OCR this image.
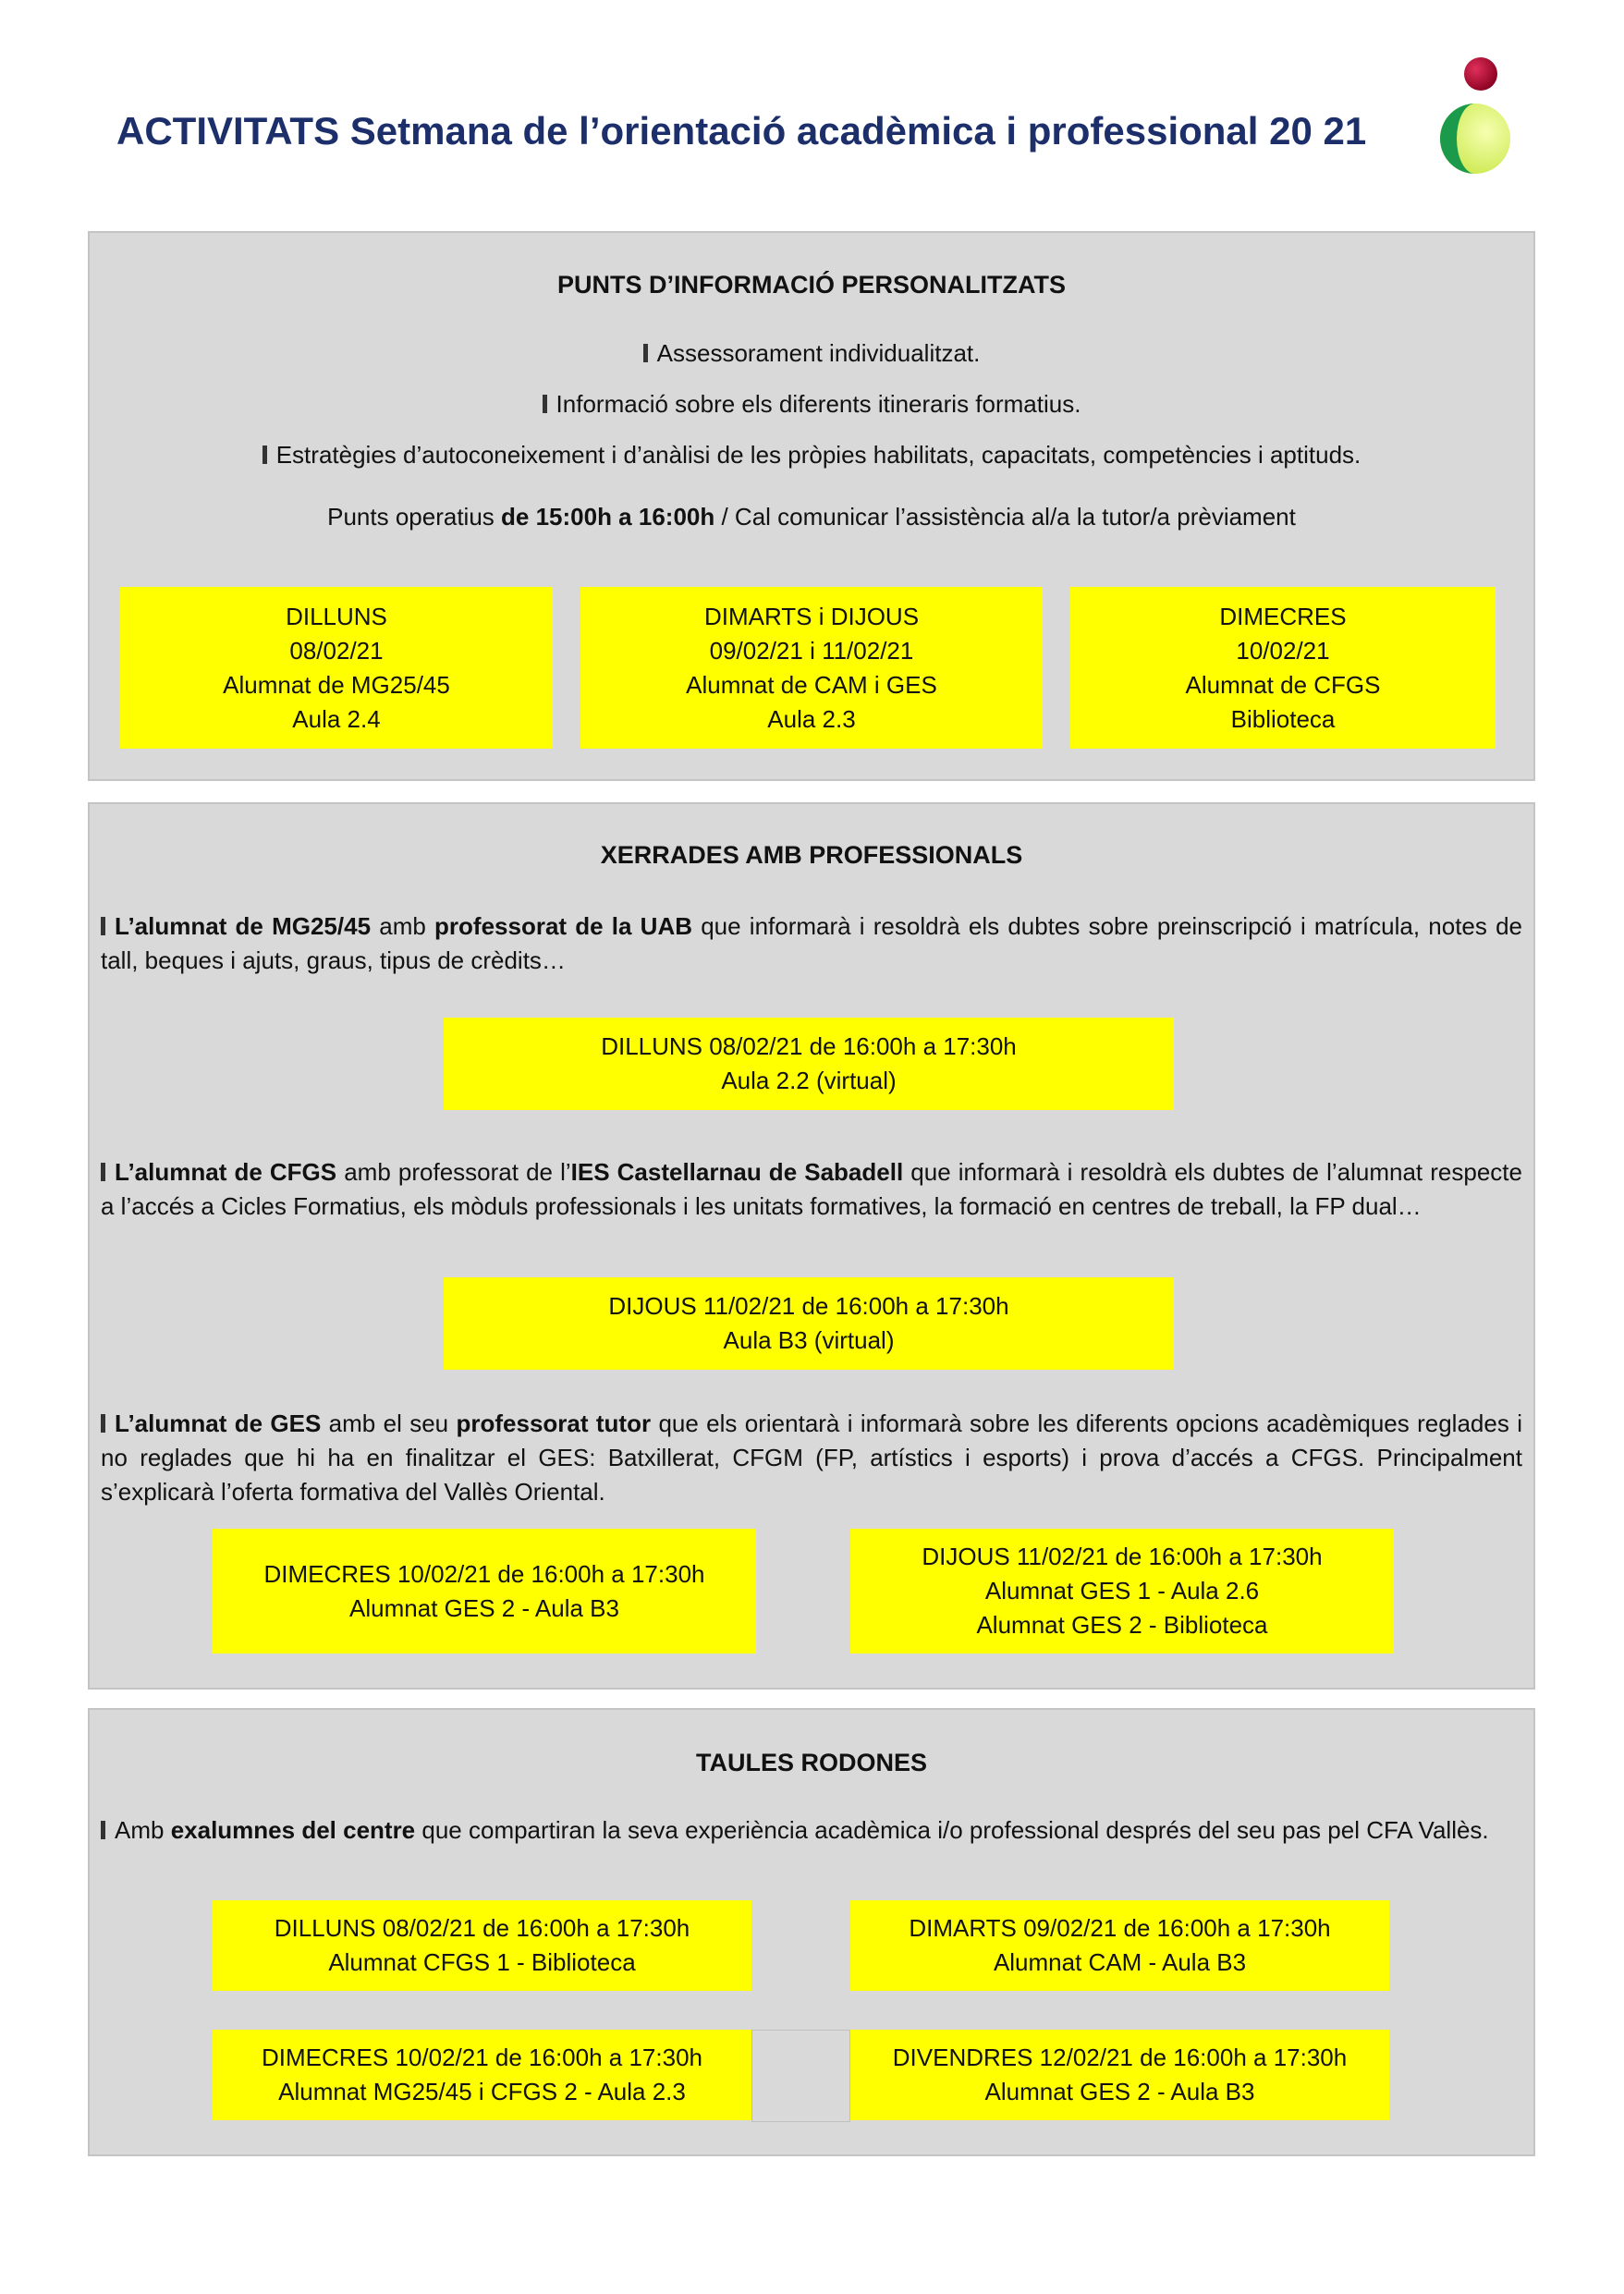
ACTIVITATS Setmana de l’orientació acadèmica i professional 20 21
PUNTS D’INFORMACIÓ PERSONALITZATS
Assessorament individualitzat.
Informació sobre els diferents itineraris formatius.
Estratègies d’autoconeixement i d’anàlisi de les pròpies habilitats, capacitats, competències i aptituds.
Punts operatius de 15:00h a 16:00h / Cal comunicar l’assistència al/a la tutor/a prèviament
DILLUNS
08/02/21
Alumnat de MG25/45
Aula 2.4
DIMARTS i DIJOUS
09/02/21 i 11/02/21
Alumnat de CAM i GES
Aula 2.3
DIMECRES
10/02/21
Alumnat de CFGS
Biblioteca
XERRADES AMB PROFESSIONALS
L’alumnat de MG25/45 amb professorat de la UAB que informarà i resoldrà els dubtes sobre preinscripció i matrícula, notes de tall, beques i ajuts, graus, tipus de crèdits…
DILLUNS 08/02/21 de 16:00h a 17:30h
Aula 2.2 (virtual)
L’alumnat de CFGS amb professorat de l’IES Castellarnau de Sabadell que informarà i resoldrà els dubtes de l’alumnat respecte a l’accés a Cicles Formatius, els mòduls professionals i les unitats formatives, la formació en centres de treball, la FP dual…
DIJOUS 11/02/21 de 16:00h a 17:30h
Aula B3 (virtual)
L’alumnat de GES amb el seu professorat tutor que els orientarà i informarà sobre les diferents opcions acadèmiques reglades i no reglades que hi ha en finalitzar el GES: Batxillerat, CFGM (FP, artístics i esports) i prova d’accés a CFGS. Principalment s’explicarà l’oferta formativa del Vallès Oriental.
DIMECRES 10/02/21 de 16:00h a 17:30h
Alumnat GES 2 - Aula B3
DIJOUS 11/02/21 de 16:00h a 17:30h
Alumnat GES 1 - Aula 2.6
Alumnat GES 2 - Biblioteca
TAULES RODONES
Amb exalumnes del centre que compartiran la seva experiència acadèmica i/o professional després del seu pas pel CFA Vallès.
DILLUNS 08/02/21 de 16:00h a 17:30h
Alumnat CFGS 1 - Biblioteca
DIMARTS 09/02/21 de 16:00h a 17:30h
Alumnat CAM - Aula B3
DIMECRES 10/02/21 de 16:00h a 17:30h
Alumnat MG25/45 i CFGS 2 - Aula 2.3
DIVENDRES 12/02/21 de 16:00h a 17:30h
Alumnat GES 2 - Aula B3
